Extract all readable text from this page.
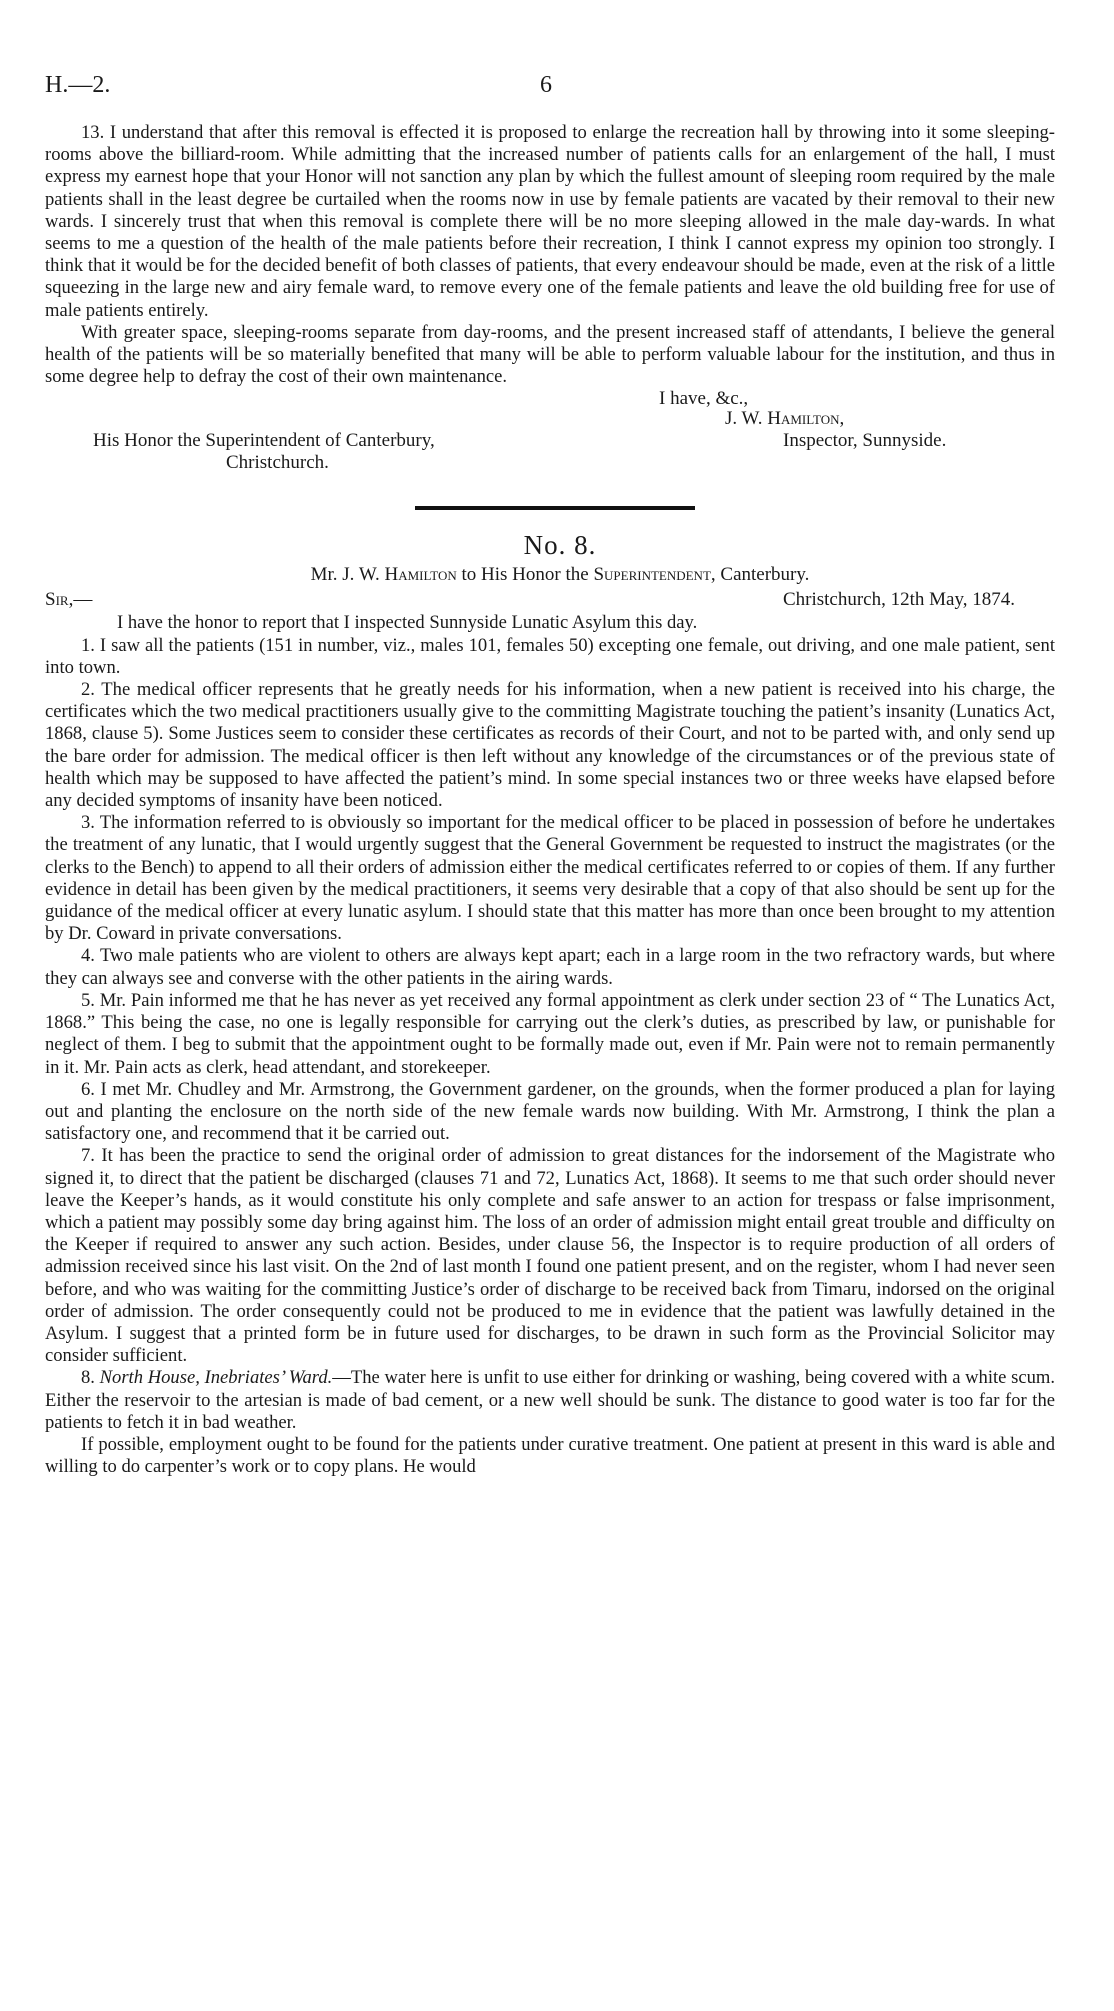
H.—2.	6

13. I understand that after this removal is effected it is proposed to enlarge the recreation hall by throwing into it some sleeping-rooms above the billiard-room. While admitting that the increased number of patients calls for an enlargement of the hall, I must express my earnest hope that your Honor will not sanction any plan by which the fullest amount of sleeping room required by the male patients shall in the least degree be curtailed when the rooms now in use by female patients are vacated by their removal to their new wards. I sincerely trust that when this removal is complete there will be no more sleeping allowed in the male day-wards. In what seems to me a question of the health of the male patients before their recreation, I think I cannot express my opinion too strongly. I think that it would be for the decided benefit of both classes of patients, that every endeavour should be made, even at the risk of a little squeezing in the large new and airy female ward, to remove every one of the female patients and leave the old building free for use of male patients entirely.

With greater space, sleeping-rooms separate from day-rooms, and the present increased staff of attendants, I believe the general health of the patients will be so materially benefited that many will be able to perform valuable labour for the institution, and thus in some degree help to defray the cost of their own maintenance.

I have, &c.,
J. W. Hamilton,
His Honor the Superintendent of Canterbury,	Inspector, Sunnyside.
Christchurch.
No. 8.
Mr. J. W. Hamilton to His Honor the Superintendent, Canterbury.
Sir,—	Christchurch, 12th May, 1874.

I have the honor to report that I inspected Sunnyside Lunatic Asylum this day.

1. I saw all the patients (151 in number, viz., males 101, females 50) excepting one female, out driving, and one male patient, sent into town.

2. The medical officer represents that he greatly needs for his information, when a new patient is received into his charge, the certificates which the two medical practitioners usually give to the committing Magistrate touching the patient’s insanity (Lunatics Act, 1868, clause 5). Some Justices seem to consider these certificates as records of their Court, and not to be parted with, and only send up the bare order for admission. The medical officer is then left without any knowledge of the circumstances or of the previous state of health which may be supposed to have affected the patient’s mind. In some special instances two or three weeks have elapsed before any decided symptoms of insanity have been noticed.

3. The information referred to is obviously so important for the medical officer to be placed in possession of before he undertakes the treatment of any lunatic, that I would urgently suggest that the General Government be requested to instruct the magistrates (or the clerks to the Bench) to append to all their orders of admission either the medical certificates referred to or copies of them. If any further evidence in detail has been given by the medical practitioners, it seems very desirable that a copy of that also should be sent up for the guidance of the medical officer at every lunatic asylum. I should state that this matter has more than once been brought to my attention by Dr. Coward in private conversations.

4. Two male patients who are violent to others are always kept apart; each in a large room in the two refractory wards, but where they can always see and converse with the other patients in the airing wards.

5. Mr. Pain informed me that he has never as yet received any formal appointment as clerk under section 23 of “ The Lunatics Act, 1868.” This being the case, no one is legally responsible for carrying out the clerk’s duties, as prescribed by law, or punishable for neglect of them. I beg to submit that the appointment ought to be formally made out, even if Mr. Pain were not to remain permanently in it. Mr. Pain acts as clerk, head attendant, and storekeeper.

6. I met Mr. Chudley and Mr. Armstrong, the Government gardener, on the grounds, when the former produced a plan for laying out and planting the enclosure on the north side of the new female wards now building. With Mr. Armstrong, I think the plan a satisfactory one, and recommend that it be carried out.

7. It has been the practice to send the original order of admission to great distances for the indorsement of the Magistrate who signed it, to direct that the patient be discharged (clauses 71 and 72, Lunatics Act, 1868). It seems to me that such order should never leave the Keeper’s hands, as it would constitute his only complete and safe answer to an action for trespass or false imprisonment, which a patient may possibly some day bring against him. The loss of an order of admission might entail great trouble and difficulty on the Keeper if required to answer any such action. Besides, under clause 56, the Inspector is to require production of all orders of admission received since his last visit. On the 2nd of last month I found one patient present, and on the register, whom I had never seen before, and who was waiting for the committing Justice’s order of discharge to be received back from Timaru, indorsed on the original order of admission. The order consequently could not be produced to me in evidence that the patient was lawfully detained in the Asylum. I suggest that a printed form be in future used for discharges, to be drawn in such form as the Provincial Solicitor may consider sufficient.

8. North House, Inebriates’ Ward.—The water here is unfit to use either for drinking or washing, being covered with a white scum. Either the reservoir to the artesian is made of bad cement, or a new well should be sunk. The distance to good water is too far for the patients to fetch it in bad weather.

If possible, employment ought to be found for the patients under curative treatment. One patient at present in this ward is able and willing to do carpenter’s work or to copy plans. He would
